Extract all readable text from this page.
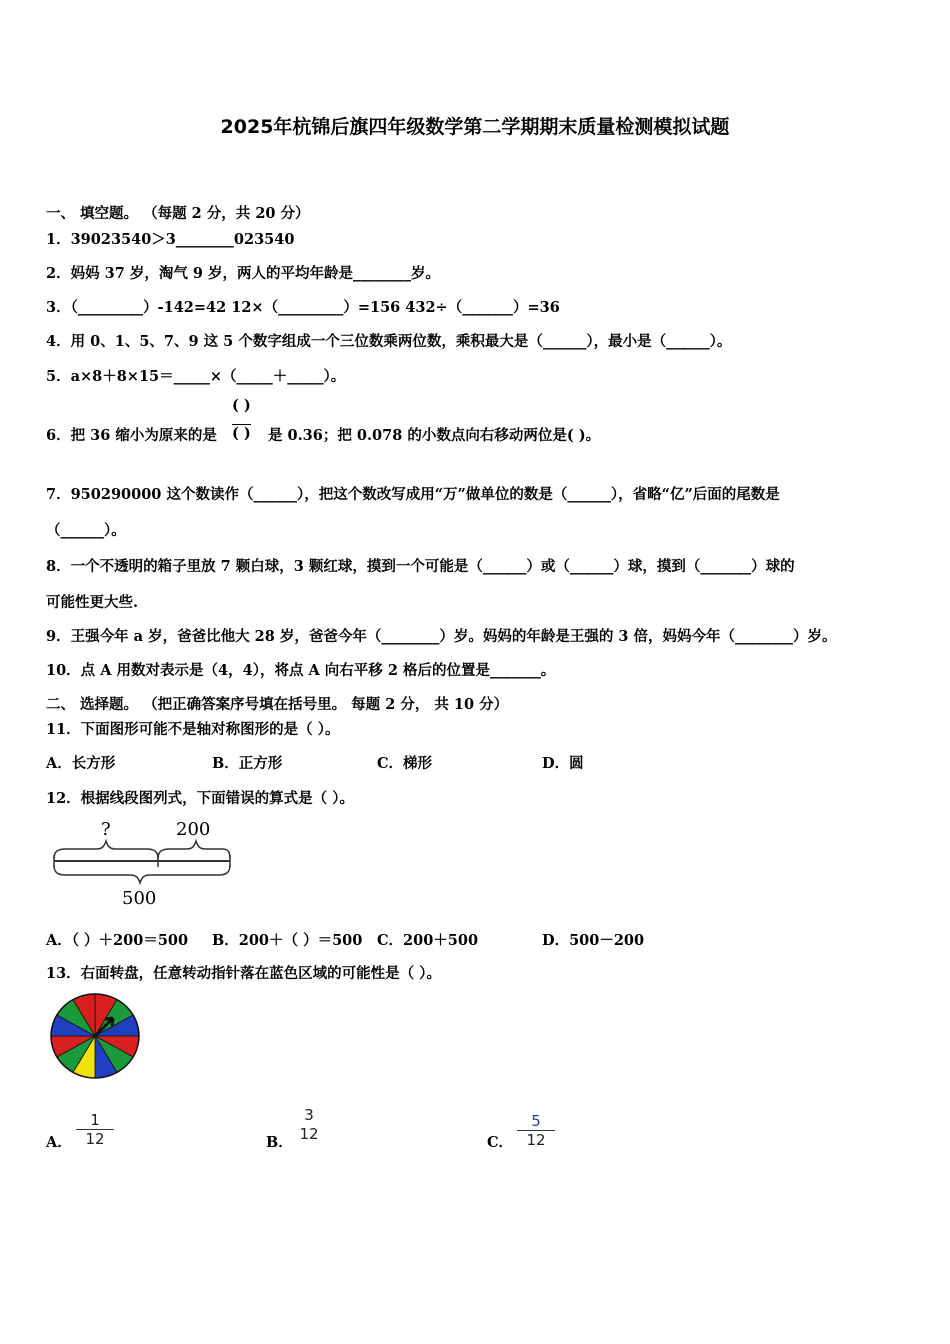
2025年杭锦后旗四年级数学第二学期期末质量检测模拟试题
一、 填空题。 （每题 2 分，共 20 分）
1．39023540＞3________023540
2．妈妈 37 岁，淘气 9 岁，两人的平均年龄是________岁。
3．（_________）-142=42 12×（_________）=156 432÷（_______）=36
4．用 0、1、5、7、9 这 5 个数字组成一个三位数乘两位数，乘积最大是（______），最小是（______）。
5．a×8＋8×15＝_____×（_____＋_____）。
( )
6．把 36 缩小为原来的是 ( ) 是 0.36；把 0.078 的小数点向右移动两位是( )。
7．950290000 这个数读作（______），把这个数改写成用“万”做单位的数是（______），省略“亿”后面的尾数是
（______）。
8．一个不透明的箱子里放 7 颗白球，3 颗红球，摸到一个可能是（______）或（______）球，摸到（_______）球的
可能性更大些.
9．王强今年 a 岁，爸爸比他大 28 岁，爸爸今年（________）岁。妈妈的年龄是王强的 3 倍，妈妈今年（________）岁。
10．点 A 用数对表示是（4，4），将点 A 向右平移 2 格后的位置是_______。
二、 选择题。 （把正确答案序号填在括号里。 每题 2 分， 共 10 分）
11．下面图形可能不是轴对称图形的是（ ）。
A．长方形	B．正方形	C．梯形	D．圆
12．根据线段图列式，下面错误的算式是（ ）。
?	200
500
A．（ ）＋200＝500 B．200＋（ ）＝500 C．200＋500	D．500－200
13．右面转盘，任意转动指针落在蓝色区域的可能性是（ ）。
A．
1
12	B．
3
12	C．
5
12
